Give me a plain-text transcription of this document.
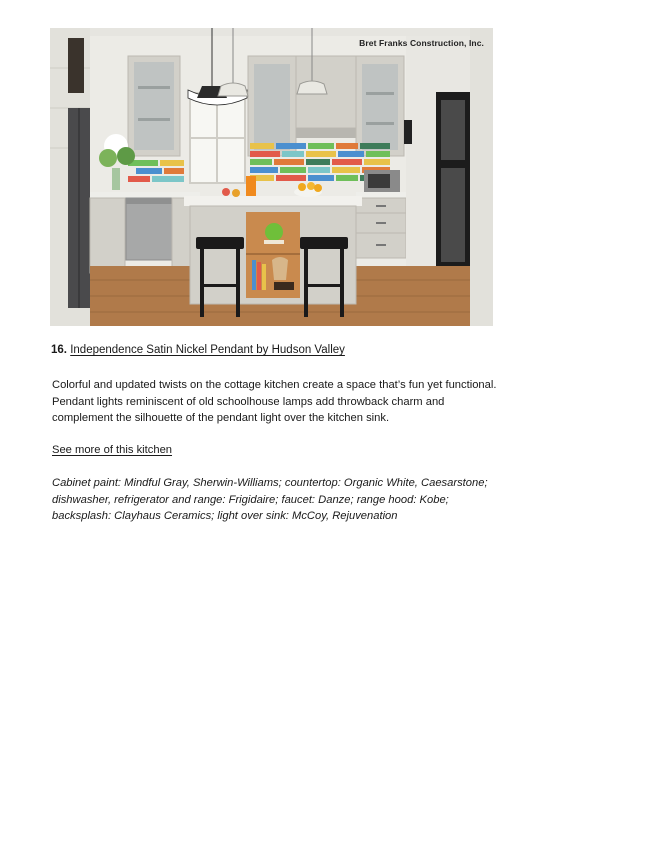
Bret Franks Construction, Inc.
16. Independence Satin Nickel Pendant by Hudson Valley

Colorful and updated twists on the cottage kitchen create a space that’s fun yet functional. Pendant lights reminiscent of old schoolhouse lamps add throwback charm and complement the silhouette of the pendant light over the kitchen sink.

See more of this kitchen

Cabinet paint: Mindful Gray, Sherwin-Williams; countertop: Organic White, Caesarstone; dishwasher, refrigerator and range: Frigidaire; faucet: Danze; range hood: Kobe; backsplash: Clayhaus Ceramics; light over sink: McCoy, Rejuvenation
